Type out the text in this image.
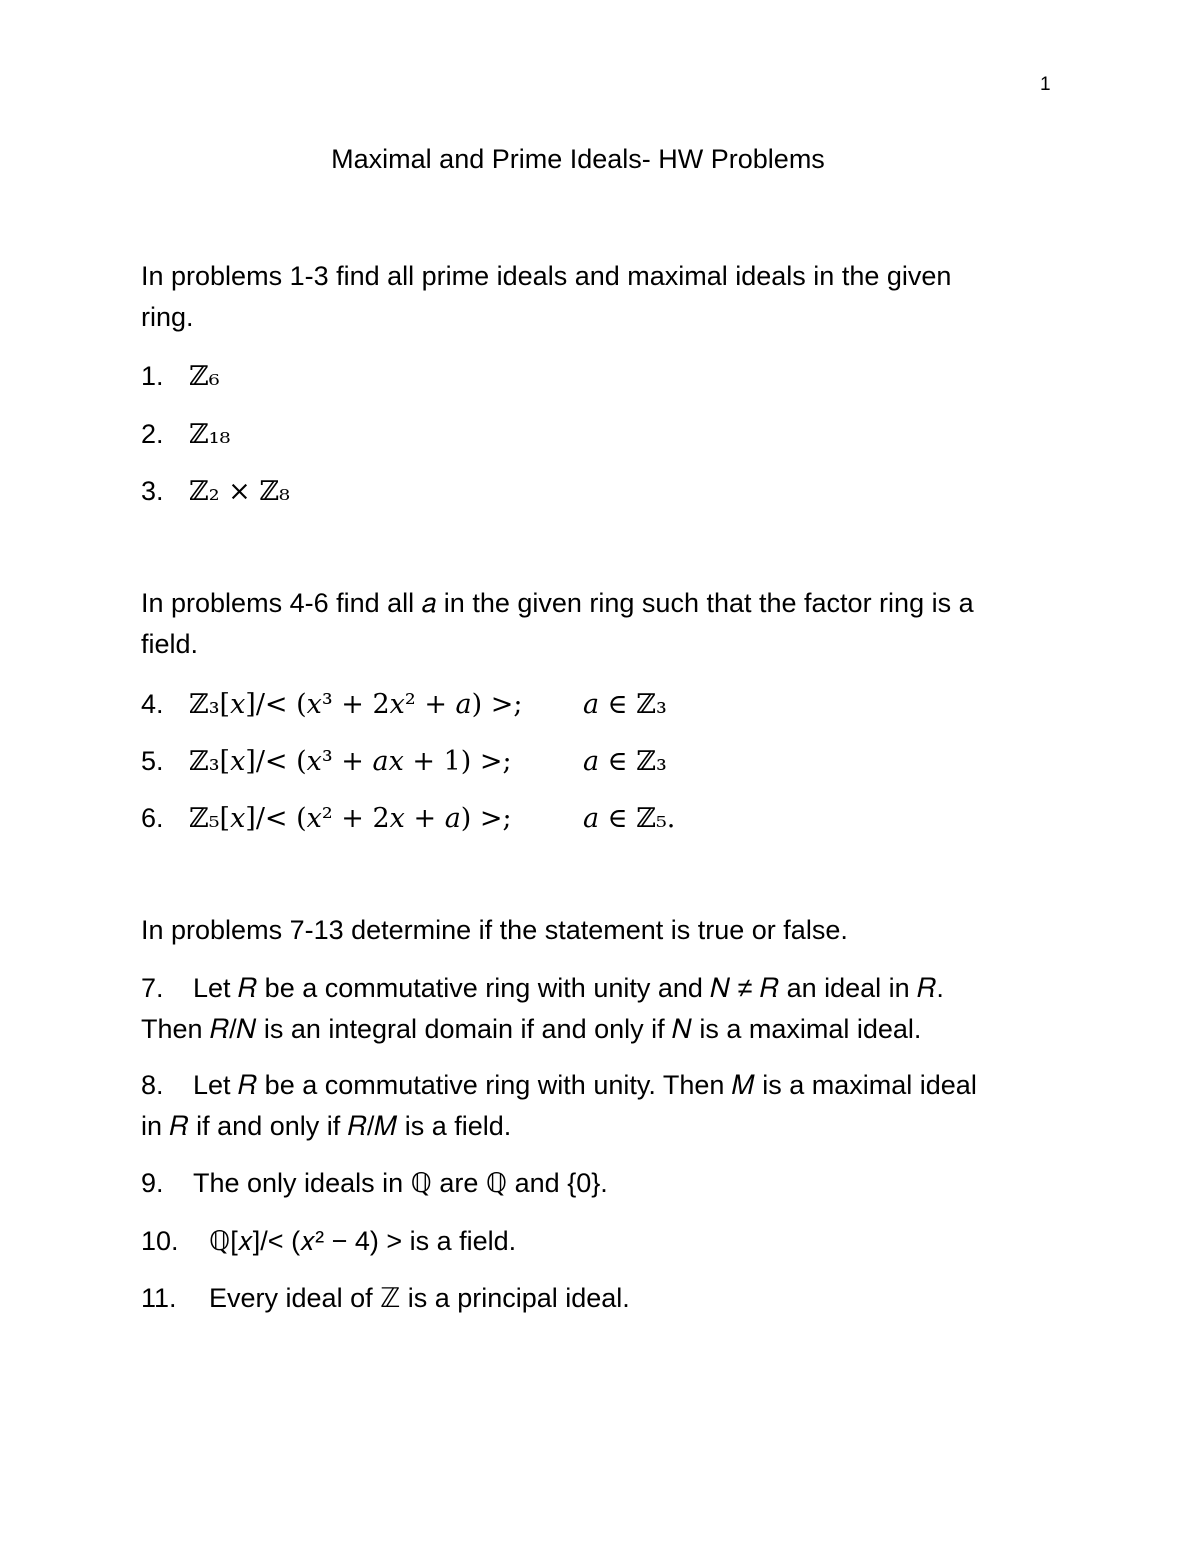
1
Maximal and Prime Ideals- HW Problems
In problems 1-3 find all prime ideals and maximal ideals in the given
ring.
1. ℤ₆
2. ℤ₁₈
3. ℤ₂ × ℤ₈
In problems 4-6 find all 𝑎 in the given ring such that the factor ring is a
field.
4. ℤ₃[𝑥]/< (𝑥³ + 2𝑥² + 𝑎) >; 𝑎 ∈ ℤ₃
5. ℤ₃[𝑥]/< (𝑥³ + 𝑎𝑥 + 1) >;	𝑎 ∈ ℤ₃
6. ℤ₅[𝑥]/< (𝑥² + 2𝑥 + 𝑎) >;	𝑎 ∈ ℤ₅.
In problems 7-13 determine if the statement is true or false.
7. Let 𝑅 be a commutative ring with unity and 𝑁 ≠ 𝑅 an ideal in 𝑅.
Then 𝑅/𝑁 is an integral domain if and only if 𝑁 is a maximal ideal.
8. Let 𝑅 be a commutative ring with unity. Then 𝑀 is a maximal ideal
in 𝑅 if and only if 𝑅/𝑀 is a field.
9. The only ideals in ℚ are ℚ and {0}.
10. ℚ[𝑥]/< (𝑥² − 4) > is a field.
11. Every ideal of ℤ is a principal ideal.
